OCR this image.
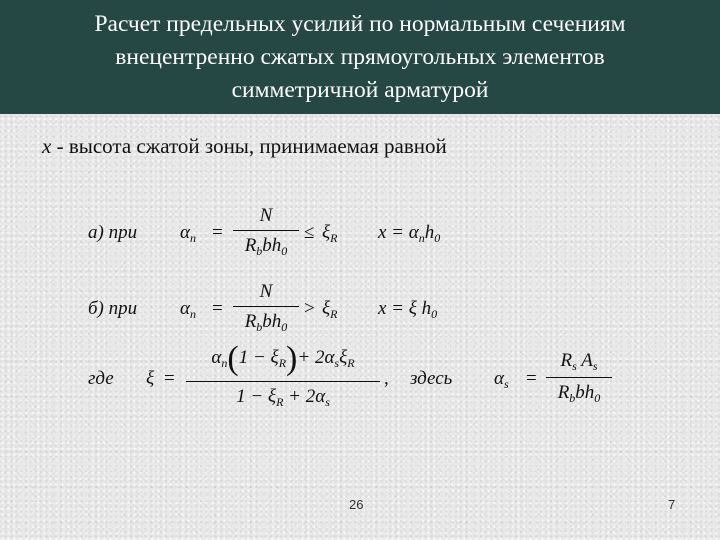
Расчет предельных усилий по нормальным сечениям
внецентренно сжатых прямоугольных элементов
симметричной арматурой
x - высота сжатой зоны, принимаемая равной
а) при $\alpha_n$ =
N
$R_bbh_0$
≤ $\xi_R$ $x = \alpha_nh_0$
б) при $\alpha_n$ =
N
$R_bbh_0$
> $\xi_R$ x = ξ $h_0$
где ξ =
$\alpha_n(1 - \xi_R)+ 2\alpha_s\xi_R$
$1 - \xi_R + 2\alpha_s$
, здесь $\alpha_s$ =
$R_s$ $A_s$
$R_bbh_0$
26	7
